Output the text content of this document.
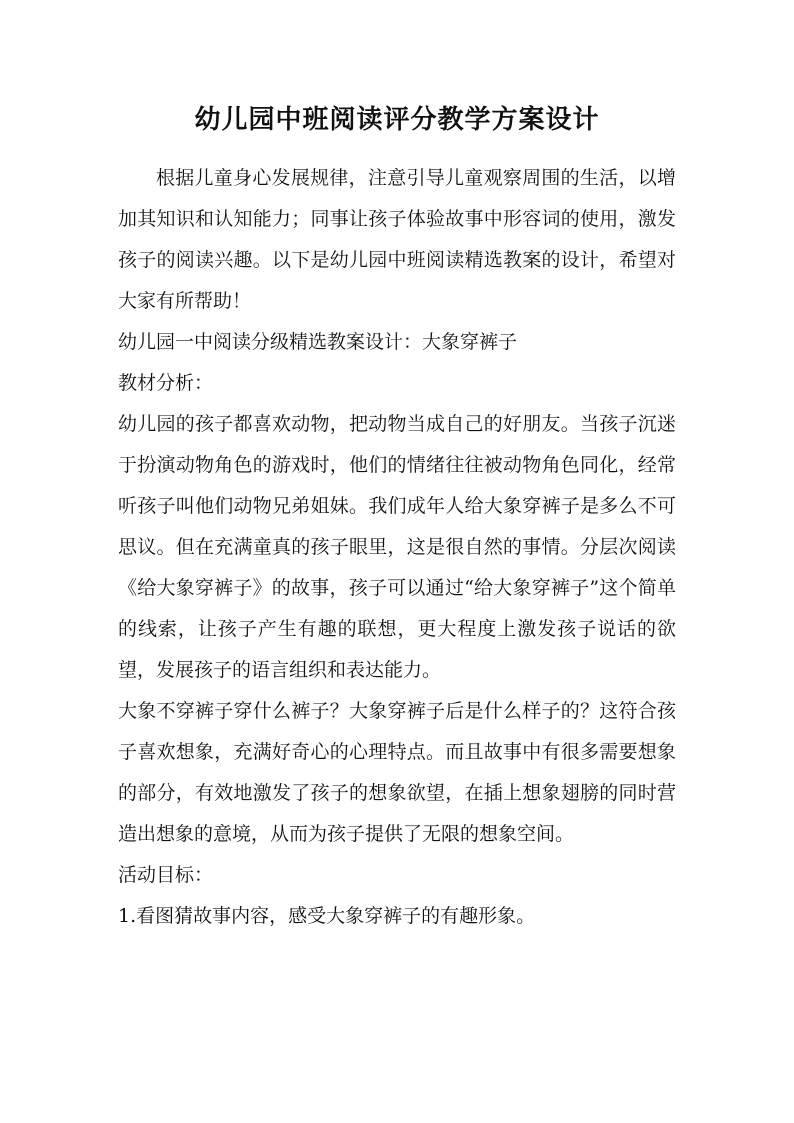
幼儿园中班阅读评分教学方案设计

根据儿童身心发展规律，注意引导儿童观察周围的生活，以增加其知识和认知能力；同事让孩子体验故事中形容词的使用，激发孩子的阅读兴趣。以下是幼儿园中班阅读精选教案的设计，希望对大家有所帮助！

幼儿园一中阅读分级精选教案设计：大象穿裤子

教材分析：

幼儿园的孩子都喜欢动物，把动物当成自己的好朋友。当孩子沉迷于扮演动物角色的游戏时，他们的情绪往往被动物角色同化，经常听孩子叫他们动物兄弟姐妹。我们成年人给大象穿裤子是多么不可思议。但在充满童真的孩子眼里，这是很自然的事情。分层次阅读《给大象穿裤子》的故事，孩子可以通过“给大象穿裤子”这个简单的线索，让孩子产生有趣的联想，更大程度上激发孩子说话的欲望，发展孩子的语言组织和表达能力。

大象不穿裤子穿什么裤子？大象穿裤子后是什么样子的？这符合孩子喜欢想象，充满好奇心的心理特点。而且故事中有很多需要想象的部分，有效地激发了孩子的想象欲望，在插上想象翅膀的同时营造出想象的意境，从而为孩子提供了无限的想象空间。

活动目标：

1.看图猜故事内容，感受大象穿裤子的有趣形象。
